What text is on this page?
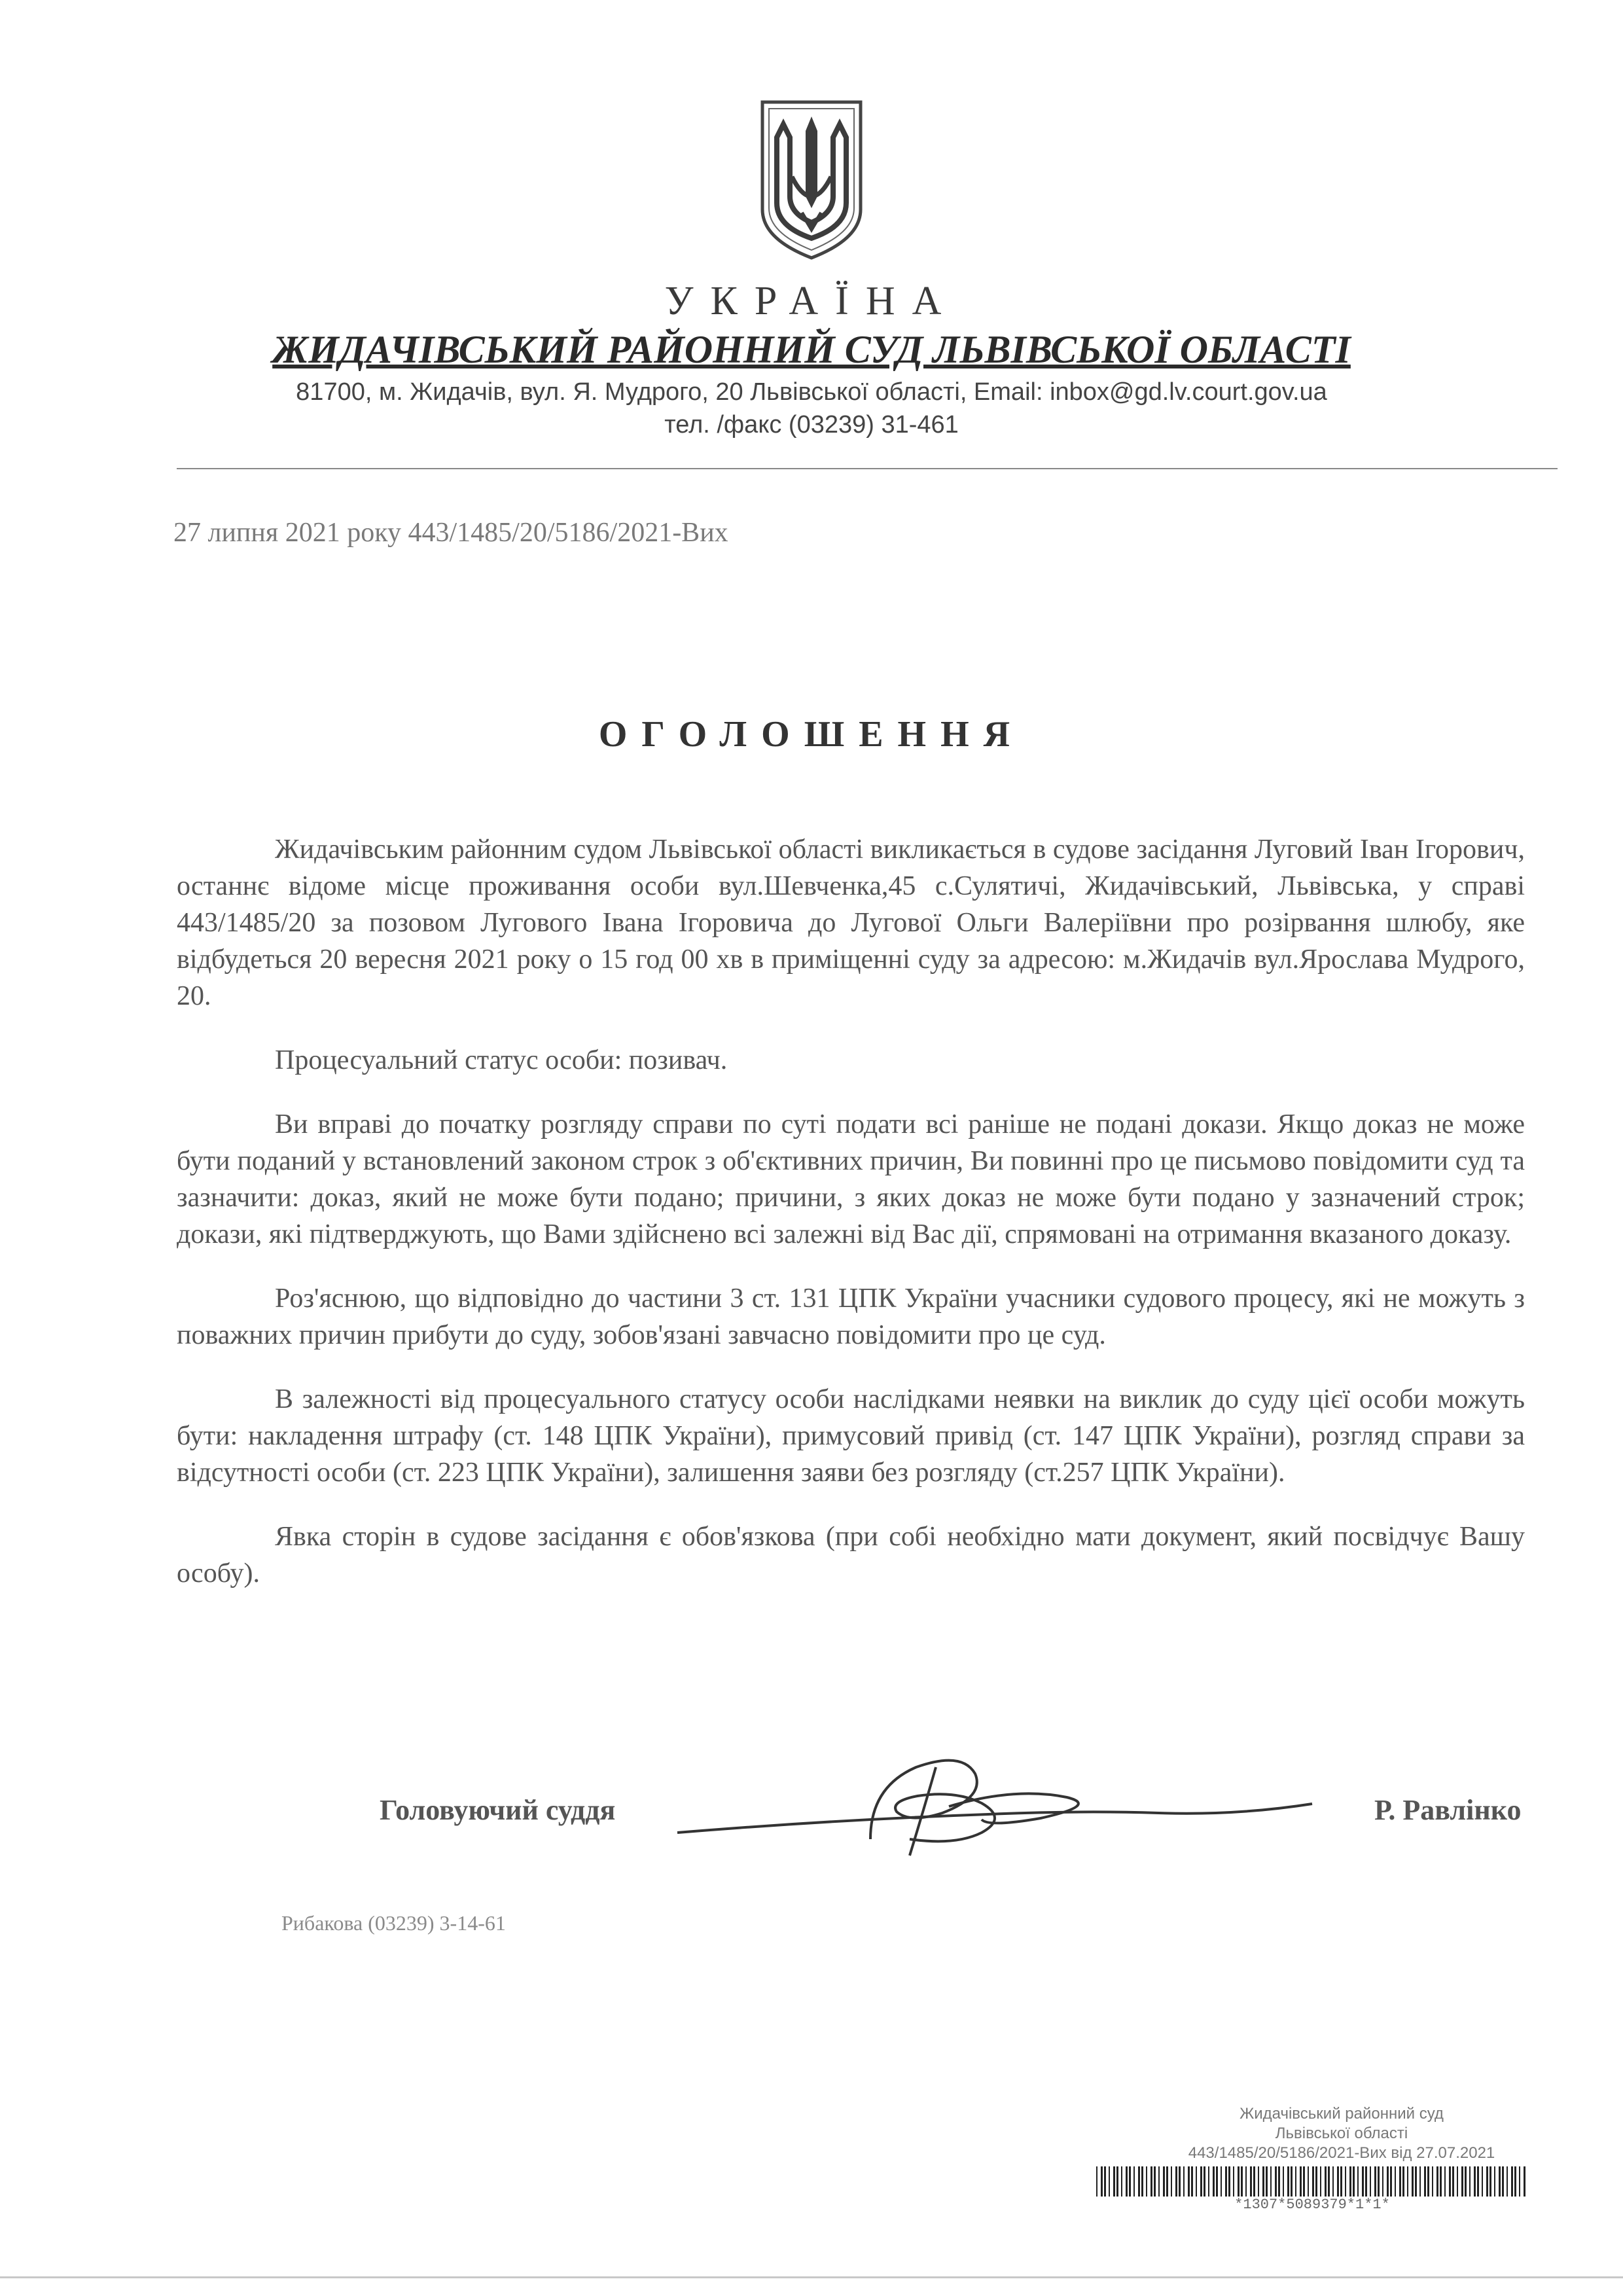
УКРАЇНА
ЖИДАЧІВСЬКИЙ РАЙОННИЙ СУД ЛЬВІВСЬКОЇ ОБЛАСТІ
81700, м. Жидачів, вул. Я. Мудрого, 20 Львівської області, Email: inbox@gd.lv.court.gov.ua
тел. /факс (03239) 31-461
27 липня 2021 року 443/1485/20/5186/2021-Вих
ОГОЛОШЕННЯ

Жидачівським районним судом Львівської області викликається в судове засідання Луговий Іван Ігорович, останнє відоме місце проживання особи вул.Шевченка,45 с.Сулятичі, Жидачівський, Львівська, у справі 443/1485/20 за позовом Лугового Івана Ігоровича до Лугової Ольги Валеріївни про розірвання шлюбу, яке відбудеться 20 вересня 2021 року о 15 год 00 хв в приміщенні суду за адресою: м.Жидачів вул.Ярослава Мудрого, 20.

Процесуальний статус особи: позивач.

Ви вправі до початку розгляду справи по суті подати всі раніше не подані докази. Якщо доказ не може бути поданий у встановлений законом строк з об'єктивних причин, Ви повинні про це письмово повідомити суд та зазначити: доказ, який не може бути подано; причини, з яких доказ не може бути подано у зазначений строк; докази, які підтверджують, що Вами здійснено всі залежні від Вас дії, спрямовані на отримання вказаного доказу.

Роз'яснюю, що відповідно до частини 3 ст. 131 ЦПК України учасники судового процесу, які не можуть з поважних причин прибути до суду, зобов'язані завчасно повідомити про це суд.

В залежності від процесуального статусу особи наслідками неявки на виклик до суду цієї особи можуть бути: накладення штрафу (ст. 148 ЦПК України), примусовий привід (ст. 147 ЦПК України), розгляд справи за відсутності особи (ст. 223 ЦПК України), залишення заяви без розгляду (ст.257 ЦПК України).

Явка сторін в судове засідання є обов'язкова (при собі необхідно мати документ, який посвідчує Вашу особу).

Головуючий суддя	Р. Равлінко
Рибакова (03239) 3-14-61
Жидачівський районний суд
Львівської області
443/1485/20/5186/2021-Вих від 27.07.2021
*1307*5089379*1*1*
